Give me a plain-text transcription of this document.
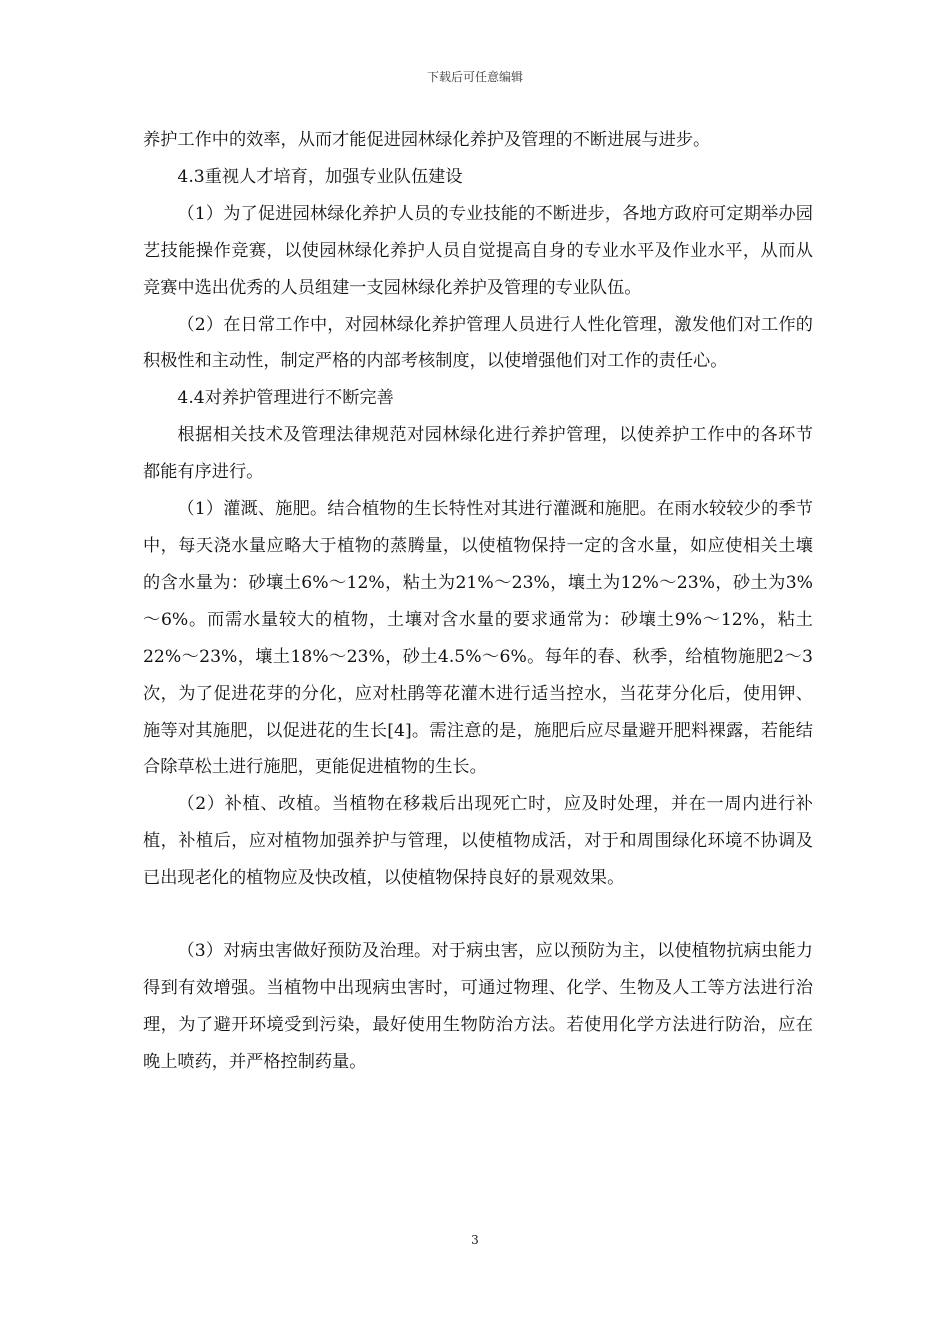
下载后可任意编辑

养护工作中的效率，从而才能促进园林绿化养护及管理的不断进展与进步。

4.3重视人才培育，加强专业队伍建设

（1）为了促进园林绿化养护人员的专业技能的不断进步，各地方政府可定期举办园艺技能操作竞赛，以使园林绿化养护人员自觉提高自身的专业水平及作业水平，从而从竞赛中选出优秀的人员组建一支园林绿化养护及管理的专业队伍。

（2）在日常工作中，对园林绿化养护管理人员进行人性化管理，激发他们对工作的积极性和主动性，制定严格的内部考核制度，以使增强他们对工作的责任心。

4.4对养护管理进行不断完善

根据相关技术及管理法律规范对园林绿化进行养护管理，以使养护工作中的各环节都能有序进行。

（1）灌溉、施肥。结合植物的生长特性对其进行灌溉和施肥。在雨水较较少的季节中，每天浇水量应略大于植物的蒸腾量，以使植物保持一定的含水量，如应使相关土壤的含水量为：砂壤土6%～12%，粘土为21%～23%，壤土为12%～23%，砂土为3%～6%。而需水量较大的植物，土壤对含水量的要求通常为：砂壤土9%～12%，粘土22%～23%，壤土18%～23%，砂土4.5%～6%。每年的春、秋季，给植物施肥2～3次，为了促进花芽的分化，应对杜鹃等花灌木进行适当控水，当花芽分化后，使用钾、施等对其施肥，以促进花的生长[4]。需注意的是，施肥后应尽量避开肥料裸露，若能结合除草松土进行施肥，更能促进植物的生长。

（2）补植、改植。当植物在移栽后出现死亡时，应及时处理，并在一周内进行补植，补植后，应对植物加强养护与管理，以使植物成活，对于和周围绿化环境不协调及已出现老化的植物应及快改植，以使植物保持良好的景观效果。

（3）对病虫害做好预防及治理。对于病虫害，应以预防为主，以使植物抗病虫能力得到有效增强。当植物中出现病虫害时，可通过物理、化学、生物及人工等方法进行治理，为了避开环境受到污染，最好使用生物防治方法。若使用化学方法进行防治，应在晚上喷药，并严格控制药量。

3
